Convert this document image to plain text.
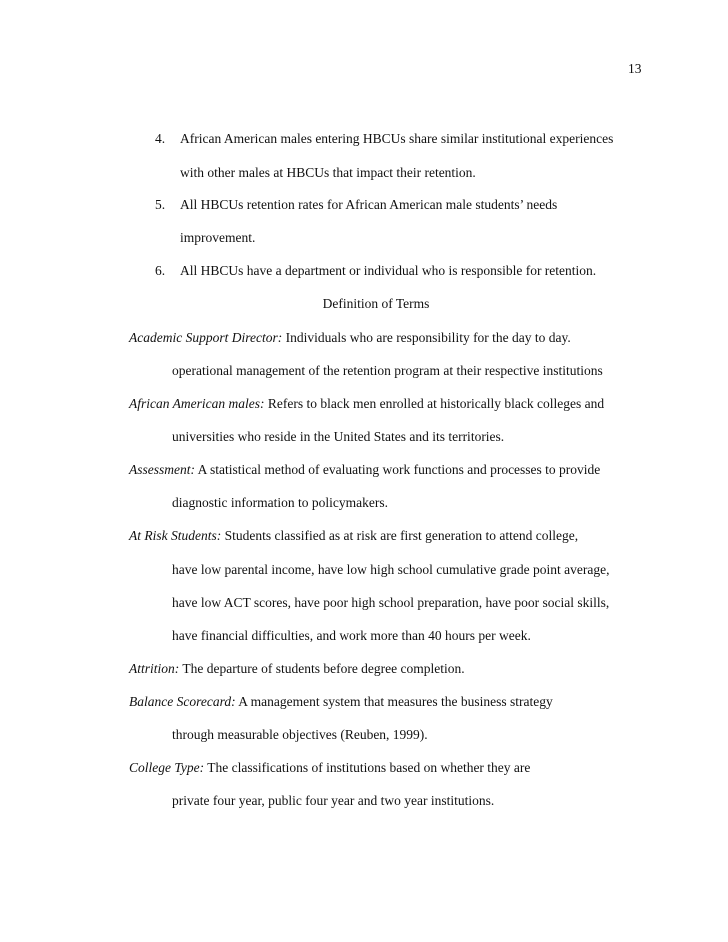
13
4. African American males entering HBCUs share similar institutional experiences
with other males at HBCUs that impact their retention.
5. All HBCUs retention rates for African American male students’ needs
improvement.
6. All HBCUs have a department or individual who is responsible for retention.
Definition of Terms
Academic Support Director: Individuals who are responsibility for the day to day.
operational management of the retention program at their respective institutions
African American males: Refers to black men enrolled at historically black colleges and
universities who reside in the United States and its territories.
Assessment: A statistical method of evaluating work functions and processes to provide
diagnostic information to policymakers.
At Risk Students: Students classified as at risk are first generation to attend college,
have low parental income, have low high school cumulative grade point average,
have low ACT scores, have poor high school preparation, have poor social skills,
have financial difficulties, and work more than 40 hours per week.
Attrition: The departure of students before degree completion.
Balance Scorecard: A management system that measures the business strategy
through measurable objectives (Reuben, 1999).
College Type: The classifications of institutions based on whether they are
private four year, public four year and two year institutions.
